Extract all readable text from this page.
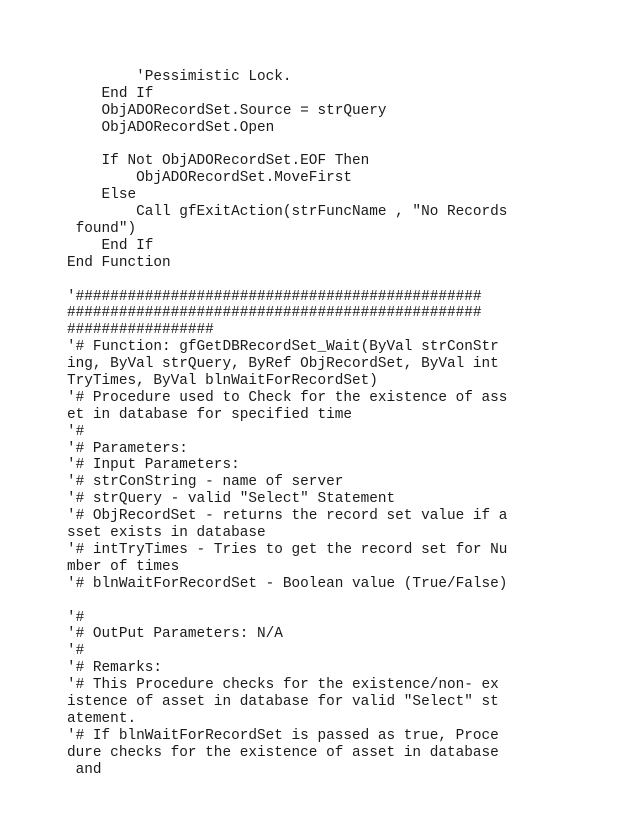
'Pessimistic Lock.
End If
ObjADORecordSet.Source = strQuery
ObjADORecordSet.Open
If Not ObjADORecordSet.EOF Then
ObjADORecordSet.MoveFirst
Else
Call gfExitAction(strFuncName , "No Records
found")
End If
End Function
'###############################################
################################################
#################
'# Function: gfGetDBRecordSet_Wait(ByVal strConStr
ing, ByVal strQuery, ByRef ObjRecordSet, ByVal int
TryTimes, ByVal blnWaitForRecordSet)
'# Procedure used to Check for the existence of ass
et in database for specified time
'#
'# Parameters:
'# Input Parameters:
'# strConString - name of server
'# strQuery - valid "Select" Statement
'# ObjRecordSet - returns the record set value if a
sset exists in database
'# intTryTimes - Tries to get the record set for Nu
mber of times
'# blnWaitForRecordSet - Boolean value (True/False)
'#
'# OutPut Parameters: N/A
'#
'# Remarks:
'# This Procedure checks for the existence/non- ex
istence of asset in database for valid "Select" st
atement.
'# If blnWaitForRecordSet is passed as true, Proce
dure checks for the existence of asset in database
and
